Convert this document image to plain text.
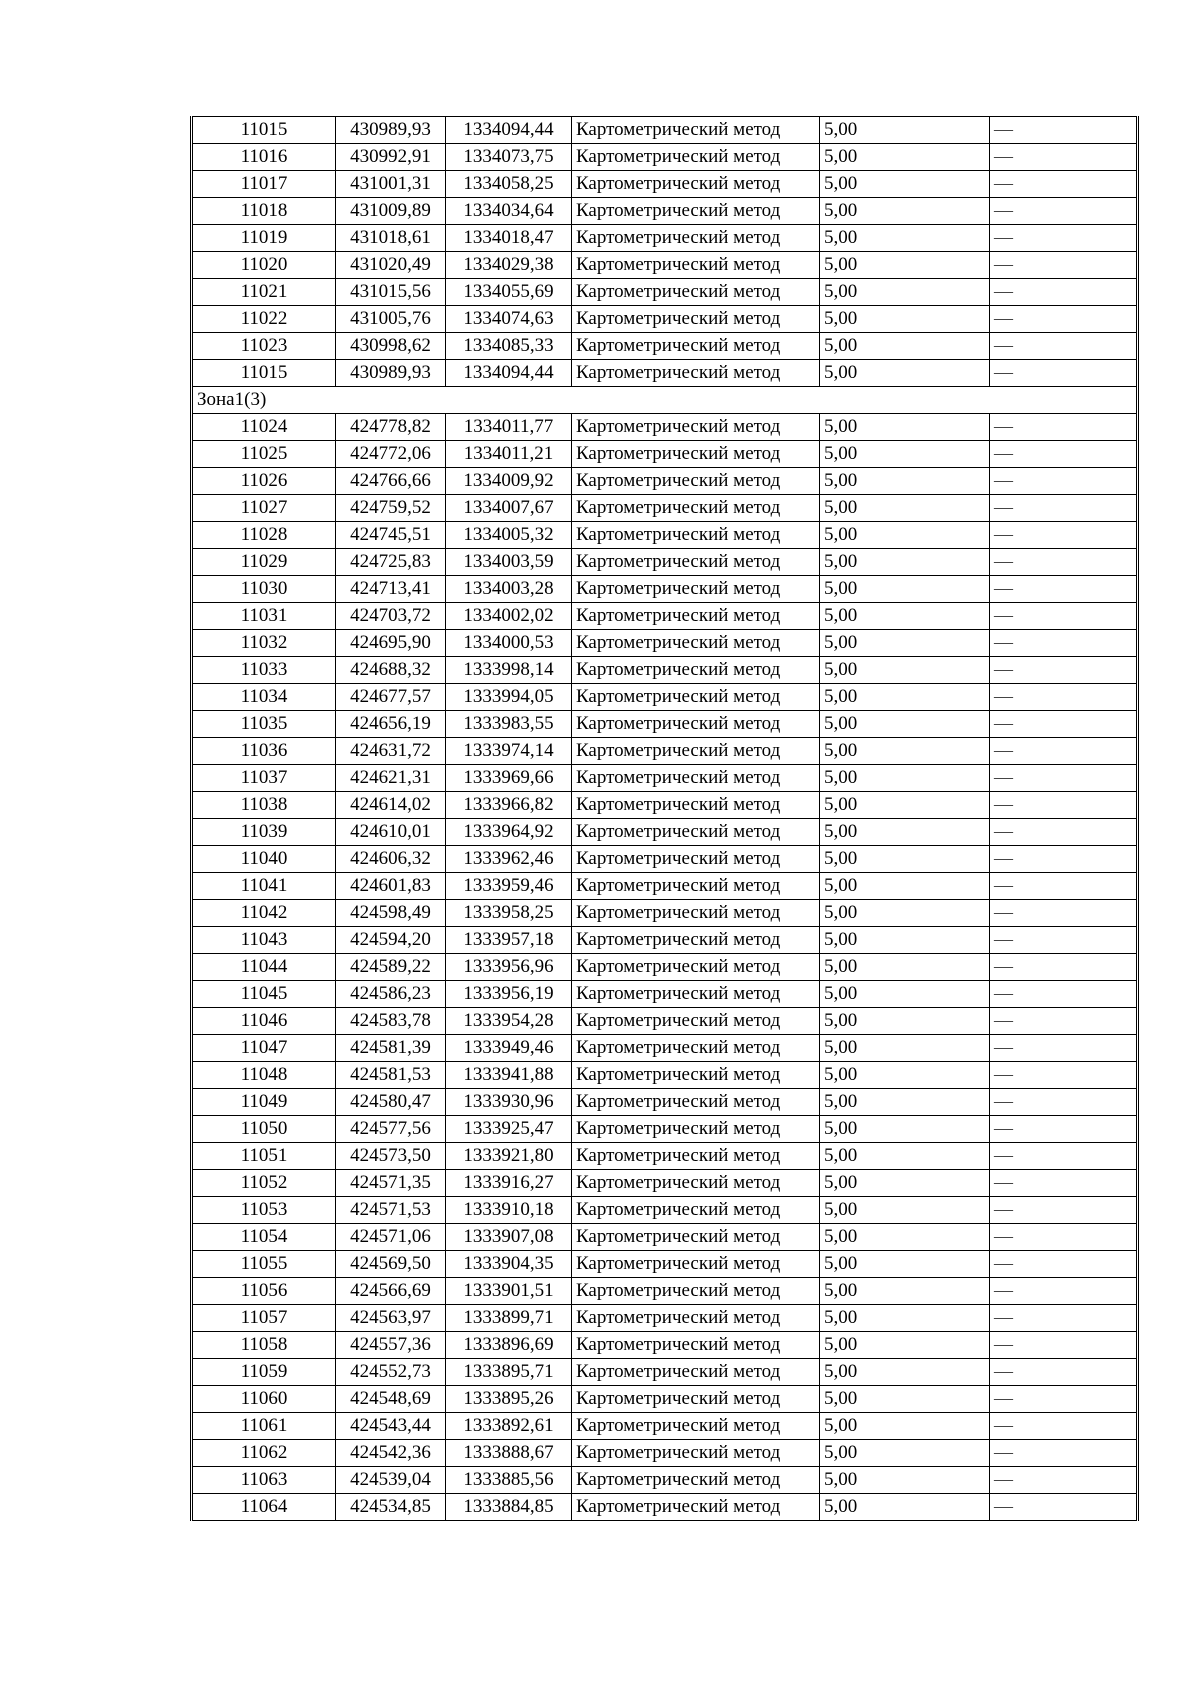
11015	430989,93	1334094,44	Картометрический метод	5,00	—
11016	430992,91	1334073,75	Картометрический метод	5,00	—
11017	431001,31	1334058,25	Картометрический метод	5,00	—
11018	431009,89	1334034,64	Картометрический метод	5,00	—
11019	431018,61	1334018,47	Картометрический метод	5,00	—
11020	431020,49	1334029,38	Картометрический метод	5,00	—
11021	431015,56	1334055,69	Картометрический метод	5,00	—
11022	431005,76	1334074,63	Картометрический метод	5,00	—
11023	430998,62	1334085,33	Картометрический метод	5,00	—
11015	430989,93	1334094,44	Картометрический метод	5,00	—
Зона1(3)					
11024	424778,82	1334011,77	Картометрический метод	5,00	—
11025	424772,06	1334011,21	Картометрический метод	5,00	—
11026	424766,66	1334009,92	Картометрический метод	5,00	—
11027	424759,52	1334007,67	Картометрический метод	5,00	—
11028	424745,51	1334005,32	Картометрический метод	5,00	—
11029	424725,83	1334003,59	Картометрический метод	5,00	—
11030	424713,41	1334003,28	Картометрический метод	5,00	—
11031	424703,72	1334002,02	Картометрический метод	5,00	—
11032	424695,90	1334000,53	Картометрический метод	5,00	—
11033	424688,32	1333998,14	Картометрический метод	5,00	—
11034	424677,57	1333994,05	Картометрический метод	5,00	—
11035	424656,19	1333983,55	Картометрический метод	5,00	—
11036	424631,72	1333974,14	Картометрический метод	5,00	—
11037	424621,31	1333969,66	Картометрический метод	5,00	—
11038	424614,02	1333966,82	Картометрический метод	5,00	—
11039	424610,01	1333964,92	Картометрический метод	5,00	—
11040	424606,32	1333962,46	Картометрический метод	5,00	—
11041	424601,83	1333959,46	Картометрический метод	5,00	—
11042	424598,49	1333958,25	Картометрический метод	5,00	—
11043	424594,20	1333957,18	Картометрический метод	5,00	—
11044	424589,22	1333956,96	Картометрический метод	5,00	—
11045	424586,23	1333956,19	Картометрический метод	5,00	—
11046	424583,78	1333954,28	Картометрический метод	5,00	—
11047	424581,39	1333949,46	Картометрический метод	5,00	—
11048	424581,53	1333941,88	Картометрический метод	5,00	—
11049	424580,47	1333930,96	Картометрический метод	5,00	—
11050	424577,56	1333925,47	Картометрический метод	5,00	—
11051	424573,50	1333921,80	Картометрический метод	5,00	—
11052	424571,35	1333916,27	Картометрический метод	5,00	—
11053	424571,53	1333910,18	Картометрический метод	5,00	—
11054	424571,06	1333907,08	Картометрический метод	5,00	—
11055	424569,50	1333904,35	Картометрический метод	5,00	—
11056	424566,69	1333901,51	Картометрический метод	5,00	—
11057	424563,97	1333899,71	Картометрический метод	5,00	—
11058	424557,36	1333896,69	Картометрический метод	5,00	—
11059	424552,73	1333895,71	Картометрический метод	5,00	—
11060	424548,69	1333895,26	Картометрический метод	5,00	—
11061	424543,44	1333892,61	Картометрический метод	5,00	—
11062	424542,36	1333888,67	Картометрический метод	5,00	—
11063	424539,04	1333885,56	Картометрический метод	5,00	—
11064	424534,85	1333884,85	Картометрический метод	5,00	—
